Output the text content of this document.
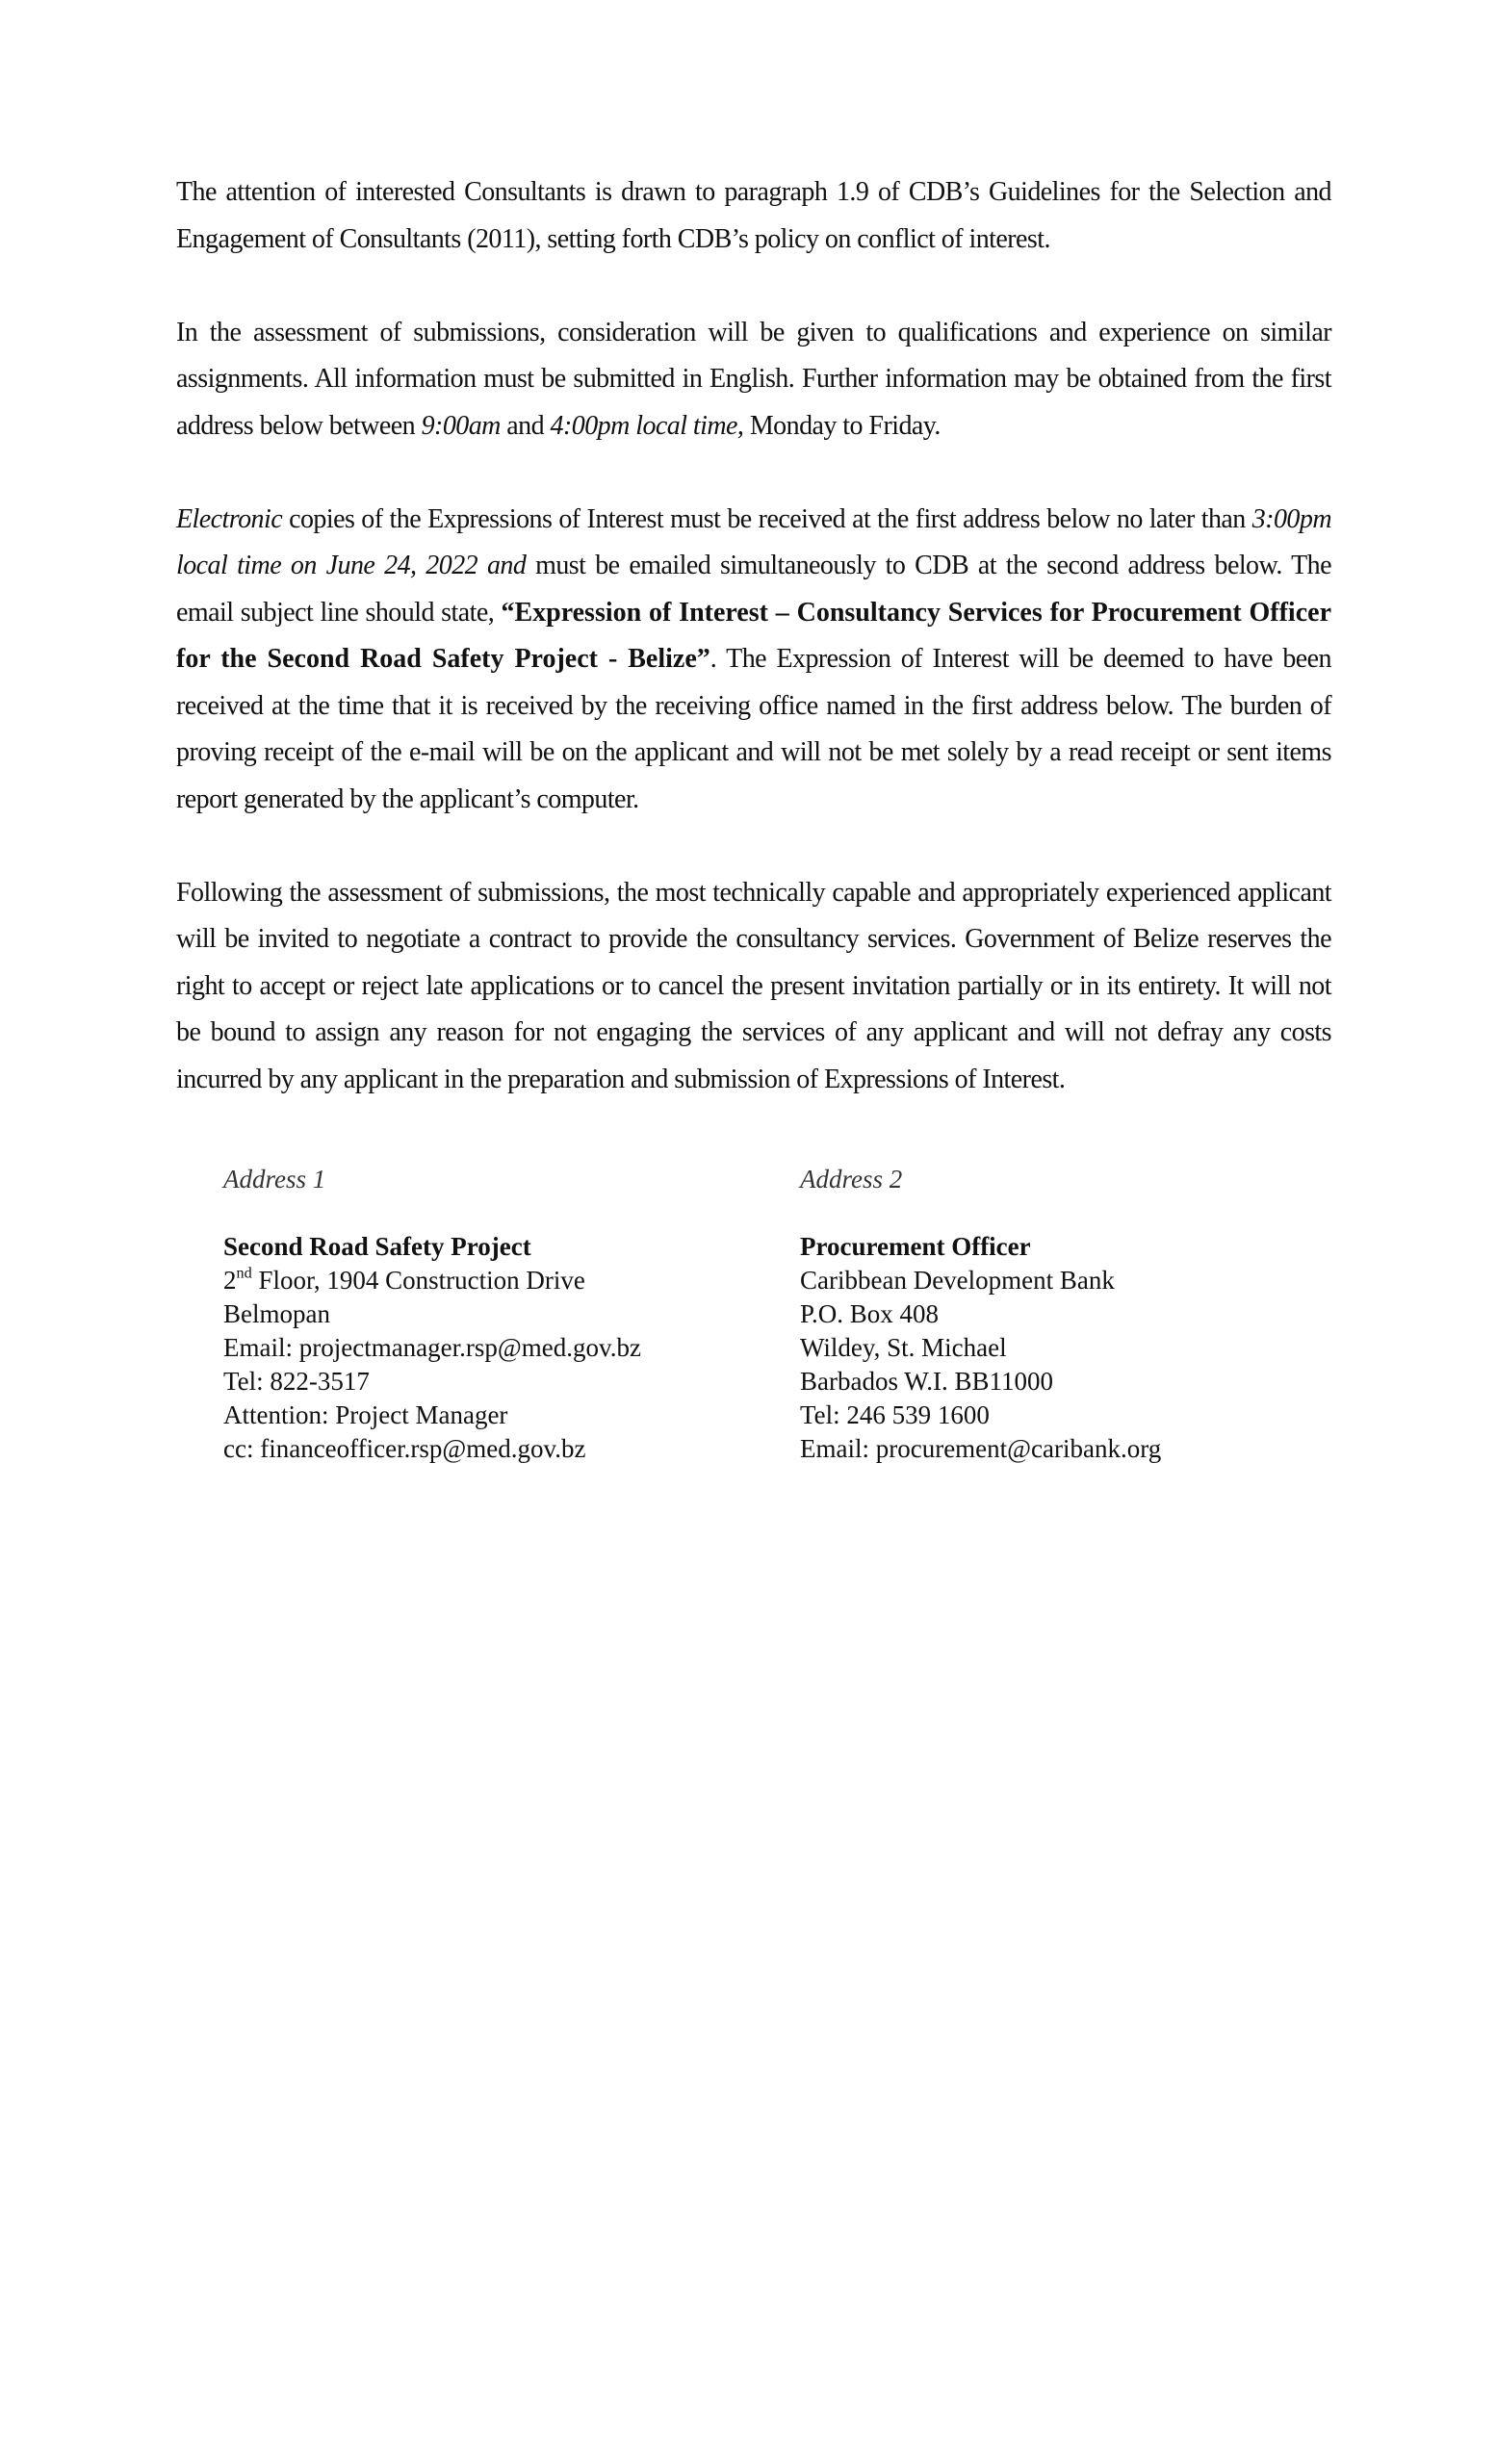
The attention of interested Consultants is drawn to paragraph 1.9 of CDB’s Guidelines for the Selection and Engagement of Consultants (2011), setting forth CDB’s policy on conflict of interest.

In the assessment of submissions, consideration will be given to qualifications and experience on similar assignments. All information must be submitted in English. Further information may be obtained from the first address below between 9:00am and 4:00pm local time, Monday to Friday.

Electronic copies of the Expressions of Interest must be received at the first address below no later than 3:00pm local time on June 24, 2022 and must be emailed simultaneously to CDB at the second address below. The email subject line should state, “Expression of Interest – Consultancy Services for Procurement Officer for the Second Road Safety Project - Belize”. The Expression of Interest will be deemed to have been received at the time that it is received by the receiving office named in the first address below. The burden of proving receipt of the e-mail will be on the applicant and will not be met solely by a read receipt or sent items report generated by the applicant’s computer.

Following the assessment of submissions, the most technically capable and appropriately experienced applicant will be invited to negotiate a contract to provide the consultancy services. Government of Belize reserves the right to accept or reject late applications or to cancel the present invitation partially or in its entirety. It will not be bound to assign any reason for not engaging the services of any applicant and will not defray any costs incurred by any applicant in the preparation and submission of Expressions of Interest.

Address 1
Second Road Safety Project
2nd Floor, 1904 Construction Drive
Belmopan
Email: projectmanager.rsp@med.gov.bz
Tel: 822-3517
Attention: Project Manager
cc: financeofficer.rsp@med.gov.bz
Address 2
Procurement Officer
Caribbean Development Bank
P.O. Box 408
Wildey, St. Michael
Barbados W.I. BB11000
Tel: 246 539 1600
Email: procurement@caribank.org
